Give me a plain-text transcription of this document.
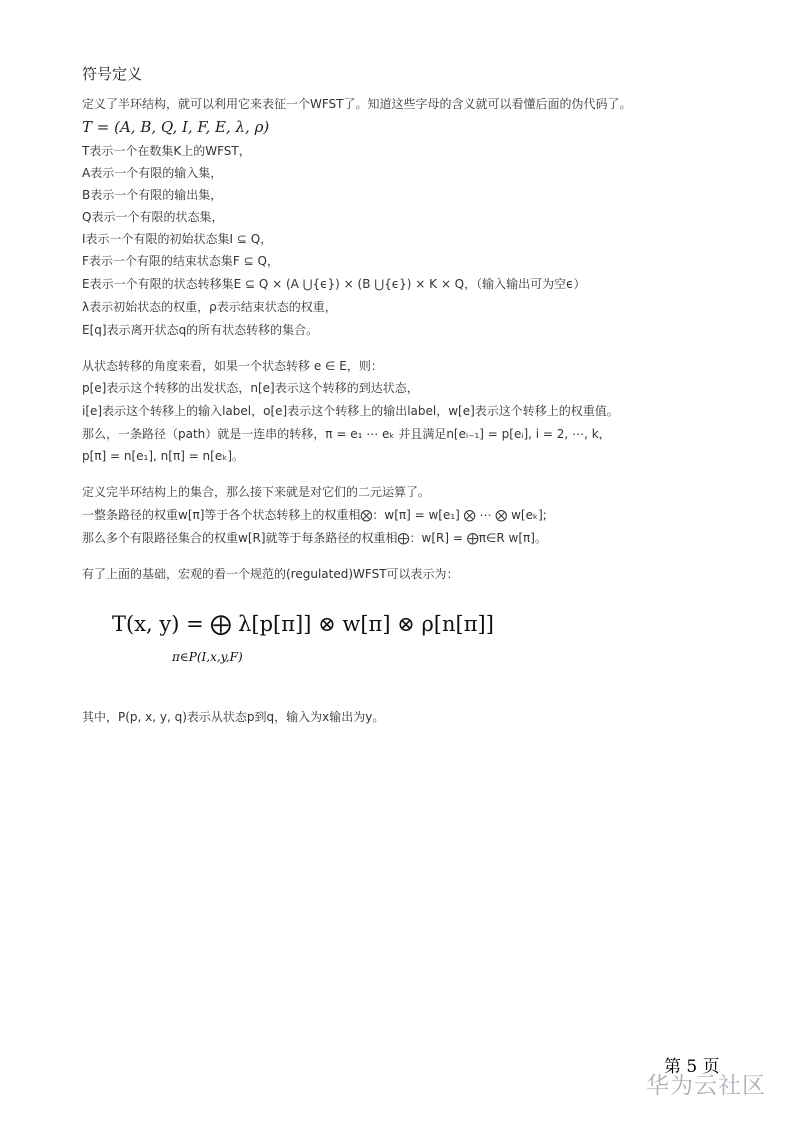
符号定义
定义了半环结构，就可以利用它来表征一个WFST了。知道这些字母的含义就可以看懂后面的伪代码了。
T = (A, B, Q, I, F, E, λ, ρ)
T表示一个在数集K上的WFST，
A表示一个有限的输入集，
B表示一个有限的输出集，
Q表示一个有限的状态集，
I表示一个有限的初始状态集I ⊆ Q，
F表示一个有限的结束状态集F ⊆ Q，
E表示一个有限的状态转移集E ⊆ Q × (A ⋃{ϵ}) × (B ⋃{ϵ}) × K × Q，（输入输出可为空ϵ）
λ表示初始状态的权重，ρ表示结束状态的权重，
E[q]表示离开状态q的所有状态转移的集合。
从状态转移的角度来看，如果一个状态转移 e ∈ E，则：
p[e]表示这个转移的出发状态，n[e]表示这个转移的到达状态，
i[e]表示这个转移上的输入label，o[e]表示这个转移上的输出label，w[e]表示这个转移上的权重值。
那么，一条路径（path）就是一连串的转移，π = e₁ ⋯ eₖ 并且满足n[eᵢ₋₁] = p[eᵢ], i = 2, ⋯, k，
p[π] = n[e₁], n[π] = n[eₖ]。
定义完半环结构上的集合，那么接下来就是对它们的二元运算了。
一整条路径的权重w[π]等于各个状态转移上的权重相⨂：w[π] = w[e₁] ⨂ ⋯ ⨂ w[eₖ];
那么多个有限路径集合的权重w[R]就等于每条路径的权重相⨁：w[R] = ⨁π∈R w[π]。
有了上面的基础，宏观的看一个规范的(regulated)WFST可以表示为：
T(x, y) = ⨁ λ[p[π]] ⊗ w[π] ⊗ ρ[n[π]]
π∈P(I,x,y,F)
其中，P(p, x, y, q)表示从状态p到q，输入为x输出为y。
第 5 页
华为云社区
